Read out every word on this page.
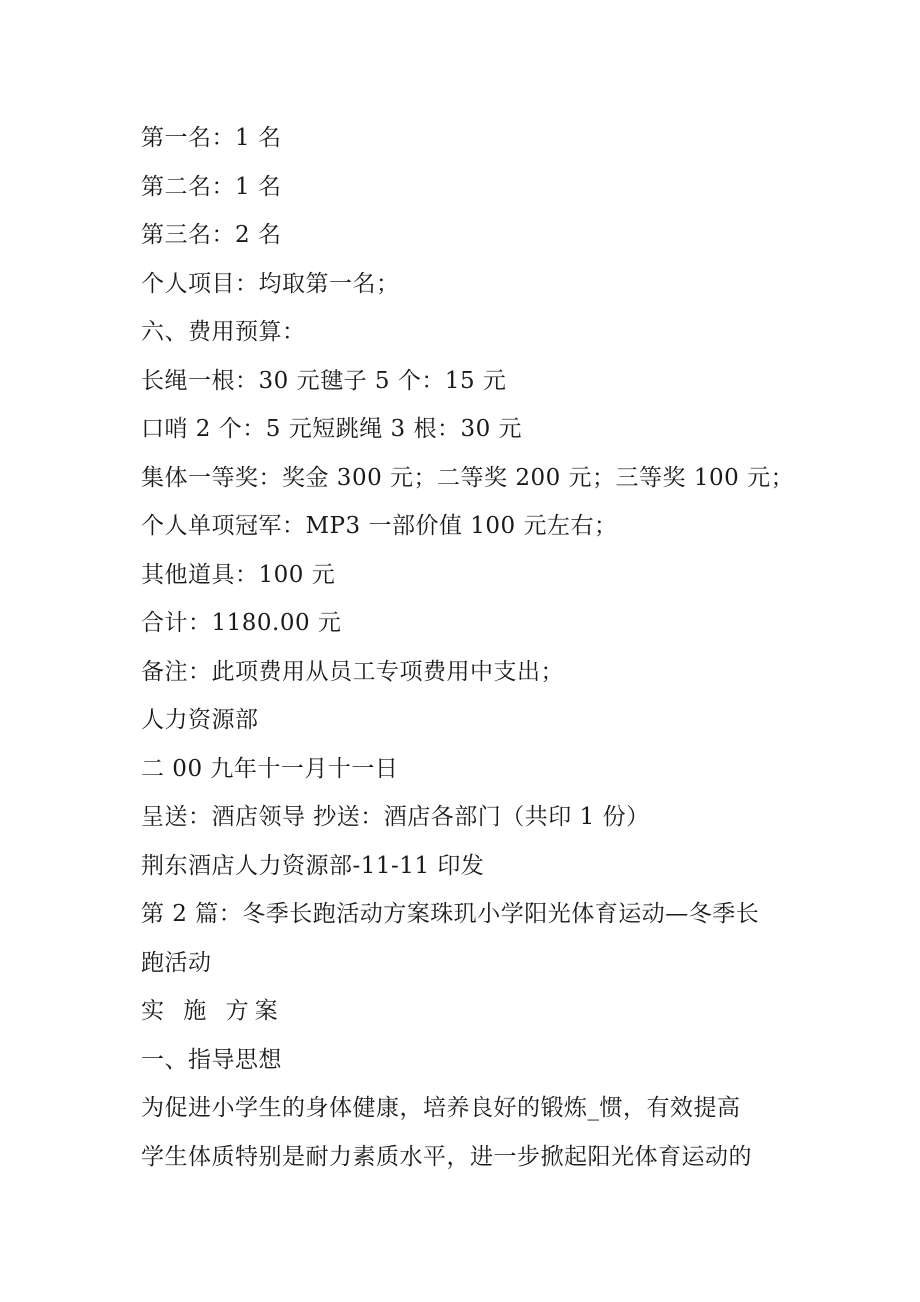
第一名：1 名
第二名：1 名
第三名：2 名
个人项目：均取第一名；
六、费用预算：
长绳一根：30 元毽子 5 个：15 元
口哨 2 个：5 元短跳绳 3 根：30 元
集体一等奖：奖金 300 元；二等奖 200 元；三等奖 100 元；
个人单项冠军：MP3 一部价值 100 元左右；
其他道具：100 元
合计：1180.00 元
备注：此项费用从员工专项费用中支出；
人力资源部
二 00 九年十一月十一日
呈送：酒店领导 抄送：酒店各部门（共印 1 份）
荆东酒店人力资源部-11-11 印发
第 2 篇：冬季长跑活动方案珠玑小学阳光体育运动—冬季长
跑活动
实 施 方案
一、指导思想
为促进小学生的身体健康，培养良好的锻炼_惯，有效提高
学生体质特别是耐力素质水平，进一步掀起阳光体育运动的
